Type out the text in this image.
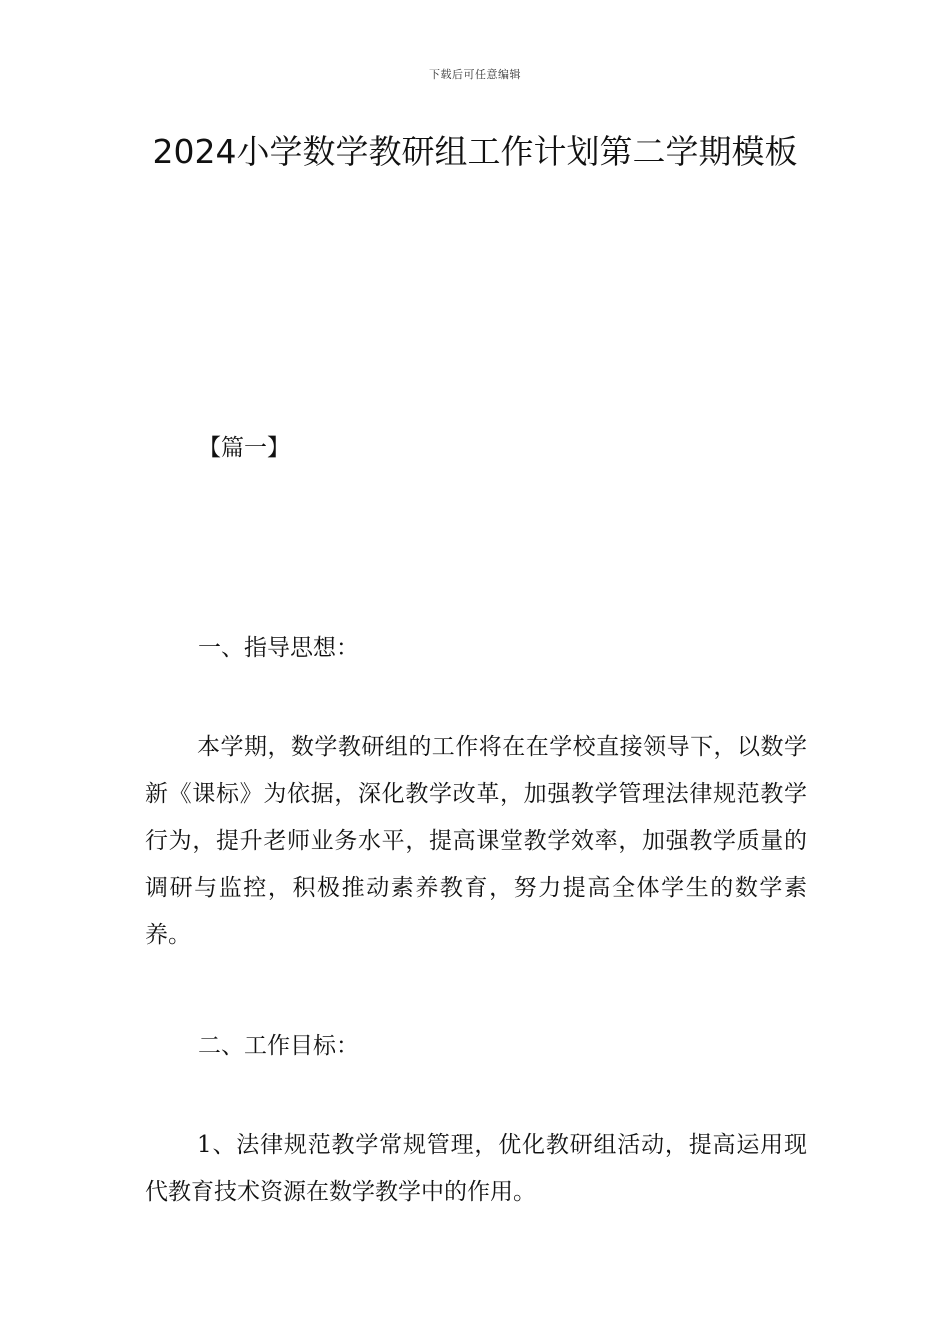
下载后可任意编辑
2024小学数学教研组工作计划第二学期模板
【篇一】
一、指导思想：

本学期，数学教研组的工作将在在学校直接领导下，以数学新《课标》为依据，深化教学改革，加强教学管理法律规范教学行为，提升老师业务水平，提高课堂教学效率，加强教学质量的调研与监控，积极推动素养教育，努力提高全体学生的数学素养。

二、工作目标：

1、法律规范教学常规管理，优化教研组活动，提高运用现代教育技术资源在数学教学中的作用。
